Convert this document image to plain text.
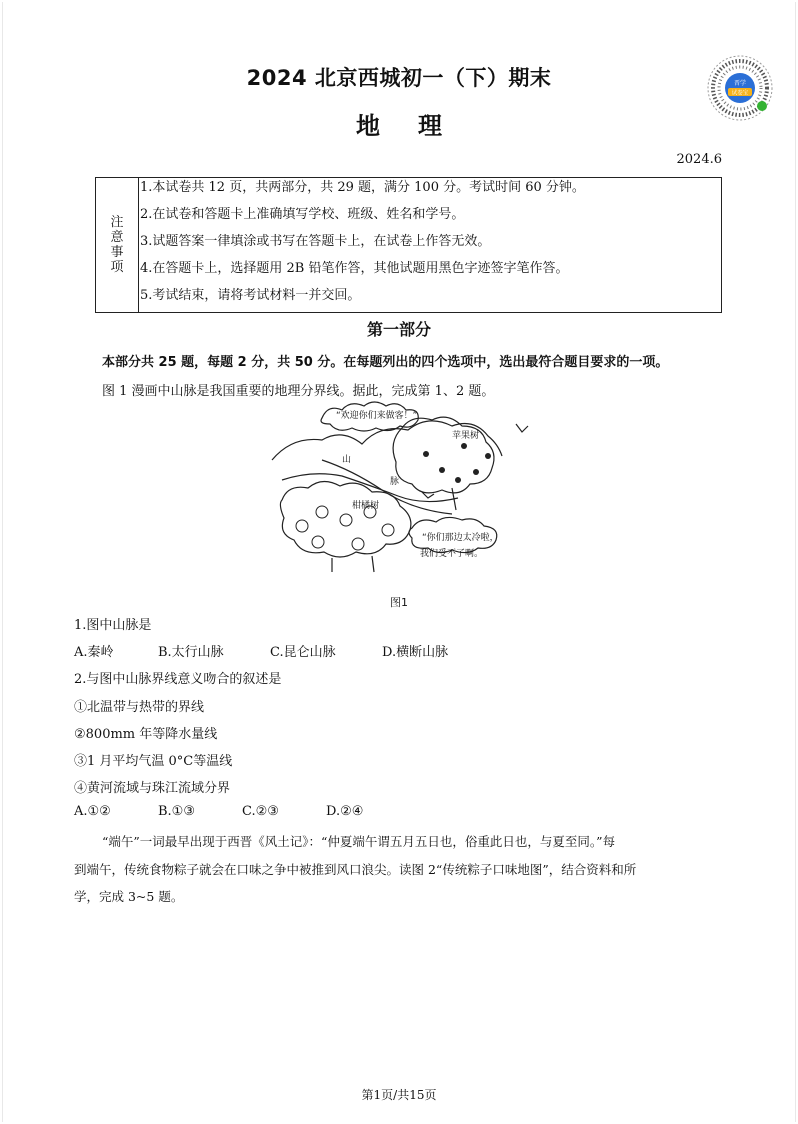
2024 北京西城初一（下）期末
地理
晋学
试卷宝
2024.6
注
意
事
项
1.本试卷共 12 页，共两部分，共 29 题，满分 100 分。考试时间 60 分钟。
2.在试卷和答题卡上准确填写学校、班级、姓名和学号。
3.试题答案一律填涂或书写在答题卡上，在试卷上作答无效。
4.在答题卡上，选择题用 2B 铅笔作答，其他试题用黑色字迹签字笔作答。
5.考试结束，请将考试材料一并交回。
第一部分
本部分共 25 题，每题 2 分，共 50 分。在每题列出的四个选项中，选出最符合题目要求的一项。
图 1 漫画中山脉是我国重要的地理分界线。据此，完成第 1、2 题。
“欢迎你们来做客！”
苹果树
山
脉
柑橘树
“你们那边太冷啦，
我们受不了啊。
图1
1.图中山脉是
A.秦岭	B.太行山脉	C.昆仑山脉	D.横断山脉
2.与图中山脉界线意义吻合的叙述是
①北温带与热带的界线
②800mm 年等降水量线
③1 月平均气温 0°C等温线
④黄河流域与珠江流域分界
A.①②	B.①③	C.②③	D.②④
“端午”一词最早出现于西晋《风土记》：“仲夏端午谓五月五日也，俗重此日也，与夏至同。”每
到端午，传统食物粽子就会在口味之争中被推到风口浪尖。读图 2“传统粽子口味地图”，结合资料和所
学，完成 3~5 题。
第1页/共15页
